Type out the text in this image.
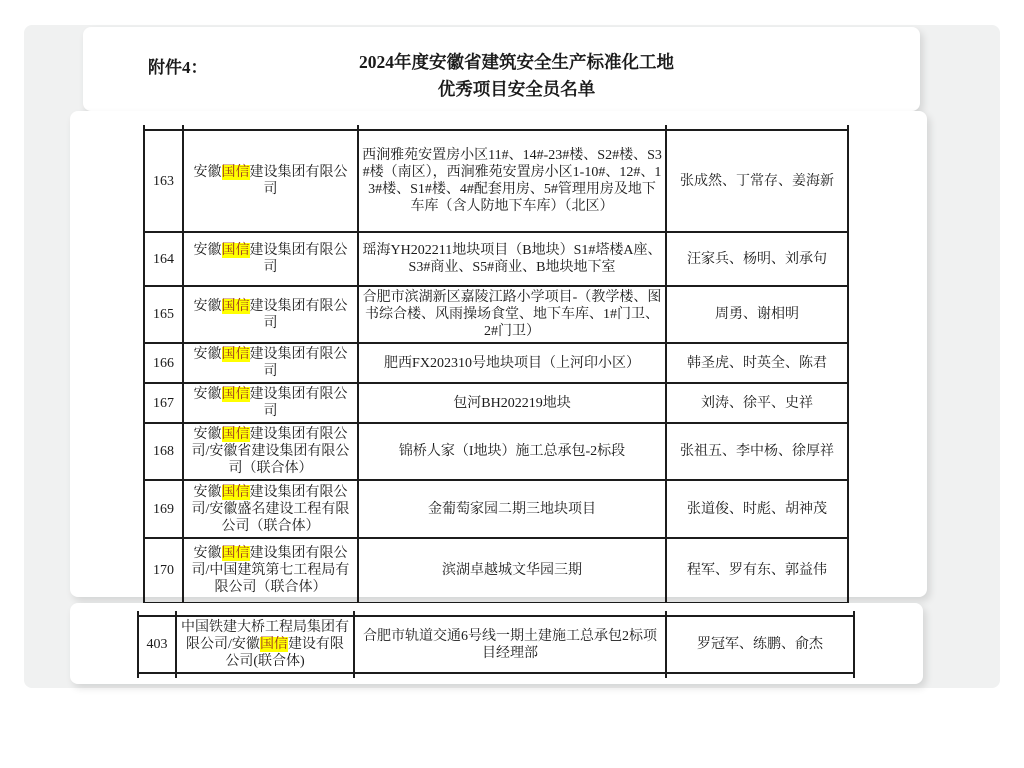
附件4：	2024年度安徽省建筑安全生产标准化工地
优秀项目安全员名单

163	安徽国信建设集团有限公司	西涧雅苑安置房小区11#、14#-23#楼、S2#楼、S3#楼（南区），西涧雅苑安置房小区1-10#、12#、13#楼、S1#楼、4#配套用房、5#管理用房及地下车库（含人防地下车库）（北区）	张成然、丁常存、姜海新
164	安徽国信建设集团有限公司	瑶海YH202211地块项目（B地块）S1#塔楼A座、S3#商业、S5#商业、B地块地下室	汪家兵、杨明、刘承句
165	安徽国信建设集团有限公司	合肥市滨湖新区嘉陵江路小学项目-（教学楼、图书综合楼、风雨操场食堂、地下车库、1#门卫、2#门卫）	周勇、谢相明
166	安徽国信建设集团有限公司	肥西FX202310号地块项目（上河印小区）	韩圣虎、时英全、陈君
167	安徽国信建设集团有限公司	包河BH202219地块	刘涛、徐平、史祥
168	安徽国信建设集团有限公司/安徽省建设集团有限公司（联合体）	锦桥人家（I地块）施工总承包-2标段	张祖五、李中杨、徐厚祥
169	安徽国信建设集团有限公司/安徽盛名建设工程有限公司（联合体）	金葡萄家园二期三地块项目	张道俊、时彪、胡神茂
170	安徽国信建设集团有限公司/中国建筑第七工程局有限公司（联合体）	滨湖卓越城文华园三期	程军、罗有东、郭益伟

403	中国铁建大桥工程局集团有限公司/安徽国信建设有限公司(联合体)	合肥市轨道交通6号线一期土建施工总承包2标项目经理部	罗冠军、练鹏、俞杰
